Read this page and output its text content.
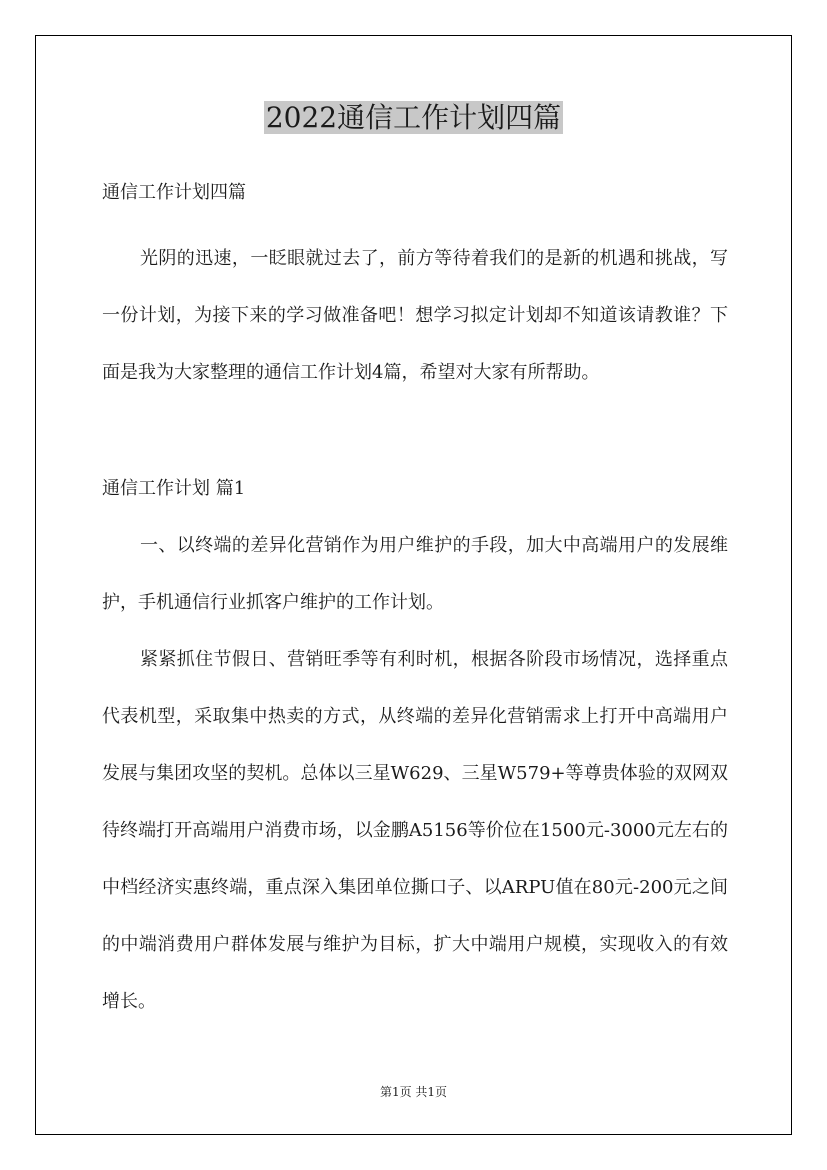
2022通信工作计划四篇

通信工作计划四篇

光阴的迅速，一眨眼就过去了，前方等待着我们的是新的机遇和挑战，写一份计划，为接下来的学习做准备吧！想学习拟定计划却不知道该请教谁？下面是我为大家整理的通信工作计划4篇，希望对大家有所帮助。

通信工作计划 篇1

一、以终端的差异化营销作为用户维护的手段，加大中高端用户的发展维护，手机通信行业抓客户维护的工作计划。

紧紧抓住节假日、营销旺季等有利时机，根据各阶段市场情况，选择重点代表机型，采取集中热卖的方式，从终端的差异化营销需求上打开中高端用户发展与集团攻坚的契机。总体以三星W629、三星W579+等尊贵体验的双网双待终端打开高端用户消费市场，以金鹏A5156等价位在1500元-3000元左右的中档经济实惠终端，重点深入集团单位撕口子、以ARPU值在80元-200元之间的中端消费用户群体发展与维护为目标，扩大中端用户规模，实现收入的有效增长。

第1页 共1页
